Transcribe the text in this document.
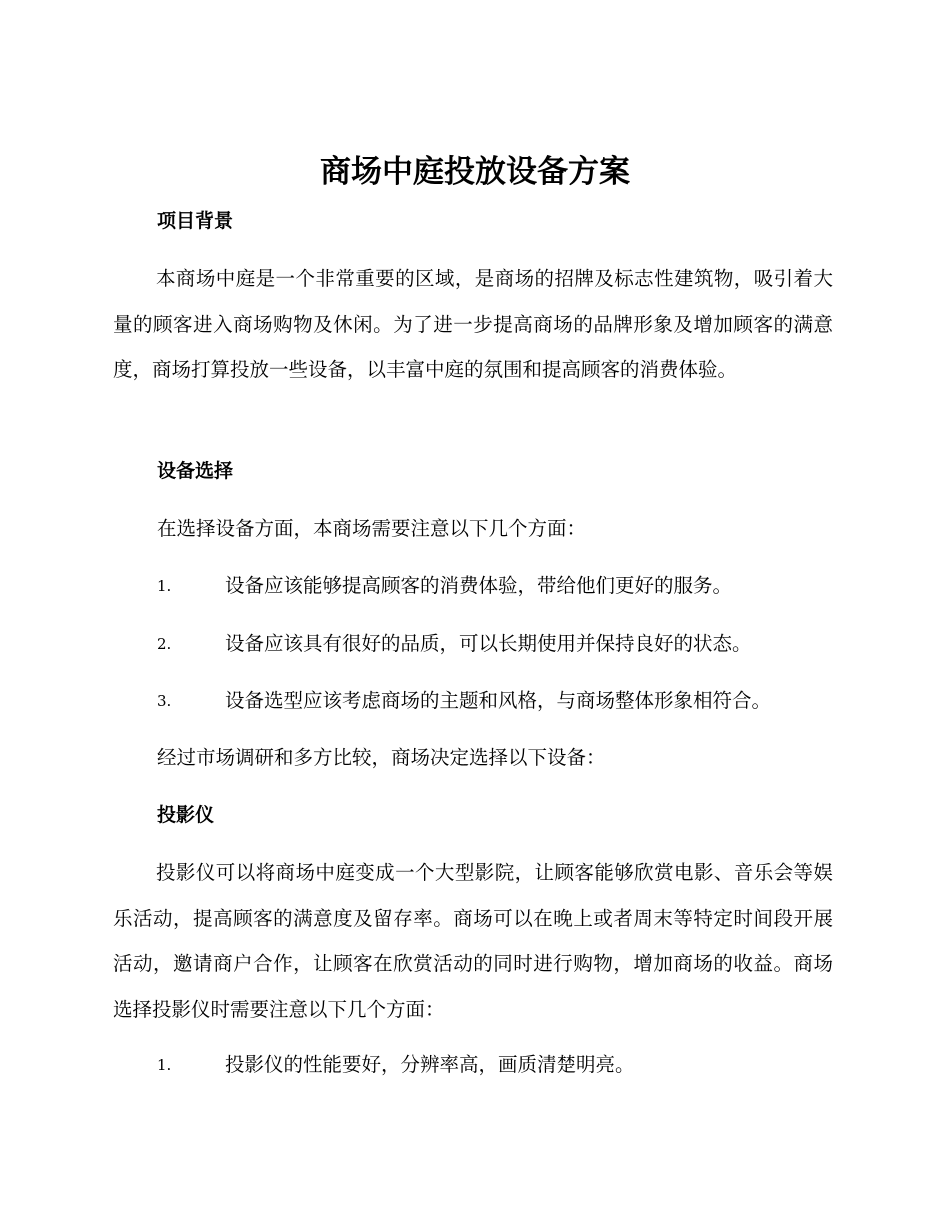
商场中庭投放设备方案
项目背景

本商场中庭是一个非常重要的区域，是商场的招牌及标志性建筑物，吸引着大量的顾客进入商场购物及休闲。为了进一步提高商场的品牌形象及增加顾客的满意度，商场打算投放一些设备，以丰富中庭的氛围和提高顾客的消费体验。

设备选择

在选择设备方面，本商场需要注意以下几个方面：

1.	设备应该能够提高顾客的消费体验，带给他们更好的服务。
2.	设备应该具有很好的品质，可以长期使用并保持良好的状态。
3.	设备选型应该考虑商场的主题和风格，与商场整体形象相符合。

经过市场调研和多方比较，商场决定选择以下设备：

投影仪

投影仪可以将商场中庭变成一个大型影院，让顾客能够欣赏电影、音乐会等娱乐活动，提高顾客的满意度及留存率。商场可以在晚上或者周末等特定时间段开展活动，邀请商户合作，让顾客在欣赏活动的同时进行购物，增加商场的收益。商场选择投影仪时需要注意以下几个方面：

1.	投影仪的性能要好，分辨率高，画质清楚明亮。
